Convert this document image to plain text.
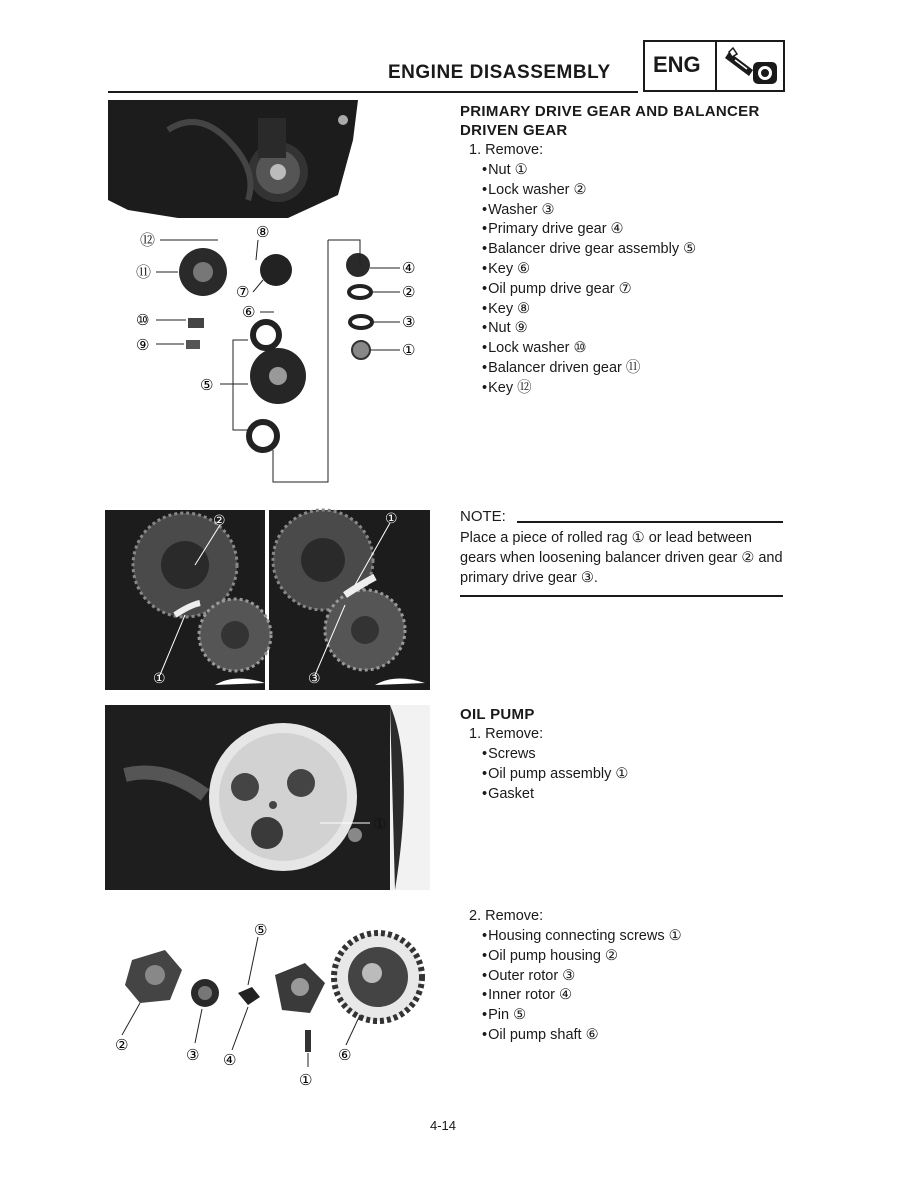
ENGINE DISASSEMBLY ENG
⑫
⑪
⑩
⑨
⑧
⑦
⑥
⑤
④
②
③
①
PRIMARY DRIVE GEAR AND BALANCER
DRIVEN GEAR
1. Remove:
• Nut ①
• Lock washer ②
• Washer ③
• Primary drive gear ④
• Balancer drive gear assembly ⑤
• Key ⑥
• Oil pump drive gear ⑦
• Key ⑧
• Nut ⑨
• Lock washer ⑩
• Balancer driven gear ⑪
• Key ⑫
②
①
①
③
NOTE:
Place a piece of rolled rag ① or lead between gears when loosening balancer driven gear ② and primary drive gear ③.
①
OIL PUMP
1. Remove:
• Screws
• Oil pump assembly ①
• Gasket
⑤
②
③ ④	⑥
①
2. Remove:
• Housing connecting screws ①
• Oil pump housing ②
• Outer rotor ③
• Inner rotor ④
• Pin ⑤
• Oil pump shaft ⑥
4-14
